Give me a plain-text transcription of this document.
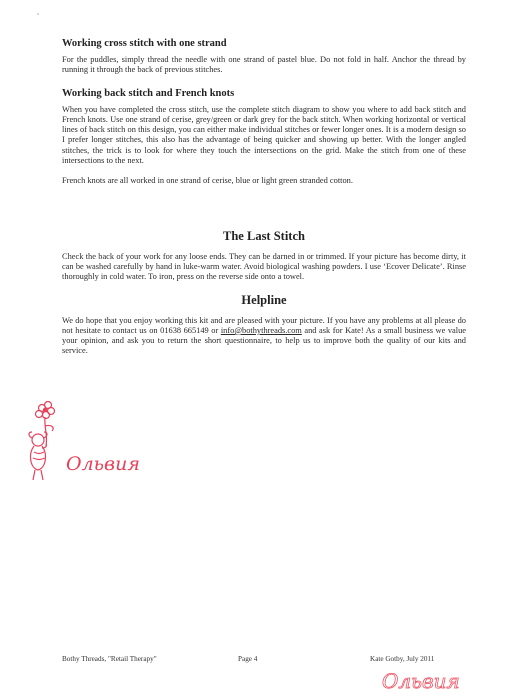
ᵃ
Working cross stitch with one strand

For the puddles, simply thread the needle with one strand of pastel blue. Do not fold in half. Anchor the thread by running it through the back of previous stitches.

Working back stitch and French knots

When you have completed the cross stitch, use the complete stitch diagram to show you where to add back stitch and French knots. Use one strand of cerise, grey/green or dark grey for the back stitch. When working horizontal or vertical lines of back stitch on this design, you can either make individual stitches or fewer longer ones. It is a modern design so I prefer longer stitches, this also has the advantage of being quicker and showing up better. With the longer angled stitches, the trick is to look for where they touch the intersections on the grid. Make the stitch from one of these intersections to the next.

French knots are all worked in one strand of cerise, blue or light green stranded cotton.

The Last Stitch

Check the back of your work for any loose ends. They can be darned in or trimmed. If your picture has become dirty, it can be washed carefully by hand in luke-warm water. Avoid biological washing powders. I use ‘Ecover Delicate’. Rinse thoroughly in cold water. To iron, press on the reverse side onto a towel.

Helpline

We do hope that you enjoy working this kit and are pleased with your picture. If you have any problems at all please do not hesitate to contact us on 01638 665149 or info@bothythreads.com and ask for Kate! As a small business we value your opinion, and ask you to return the short questionnaire, to help us to improve both the quality of our kits and service.

Ольвия
Bothy Threads, "Retail Therapy"	Page 4	Kate Gotby, July 2011
Ольвия
